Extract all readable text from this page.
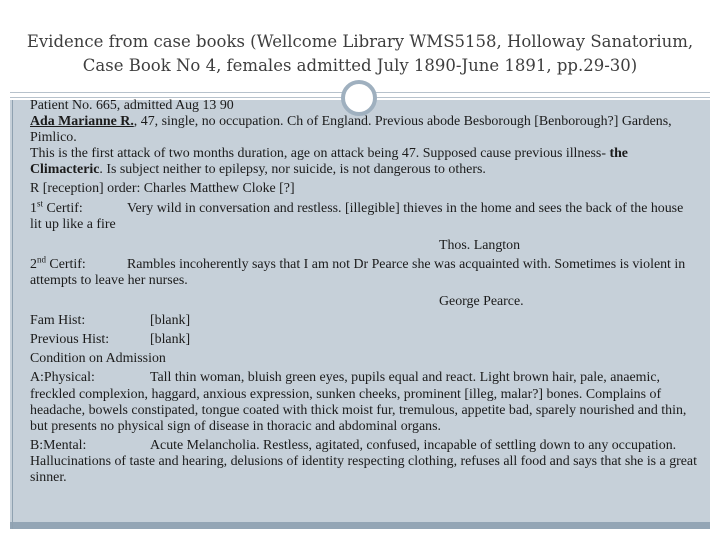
Evidence from case books (Wellcome Library WMS5158, Holloway Sanatorium,
Case Book No 4, females admitted July 1890-June 1891, pp.29-30)

Patient No. 665, admitted Aug 13 90

Ada Marianne R., 47, single, no occupation. Ch of England. Previous abode Besborough [Benborough?] Gardens, Pimlico.

This is the first attack of two months duration, age on attack being 47. Supposed cause previous illness- the Climacteric. Is subject neither to epilepsy, nor suicide, is not dangerous to others.

R [reception] order: Charles Matthew Cloke [?]

1st Certif:	Very wild in conversation and restless. [illegible] thieves in the home and sees the back of the house lit up like a fire

Thos. Langton

2nd Certif:	Rambles incoherently says that I am not Dr Pearce she was acquainted with. Sometimes is violent in attempts to leave her nurses.

George Pearce.

Fam Hist:	[blank]

Previous Hist:	[blank]

Condition on Admission

A:Physical:	Tall thin woman, bluish green eyes, pupils equal and react. Light brown hair, pale, anaemic, freckled complexion, haggard, anxious expression, sunken cheeks, prominent [illeg, malar?] bones. Complains of headache, bowels constipated, tongue coated with thick moist fur, tremulous, appetite bad, sparely nourished and thin, but presents no physical sign of disease in thoracic and abdominal organs.

B:Mental:	Acute Melancholia. Restless, agitated, confused, incapable of settling down to any occupation. Hallucinations of taste and hearing, delusions of identity respecting clothing, refuses all food and says that she is a great sinner.
